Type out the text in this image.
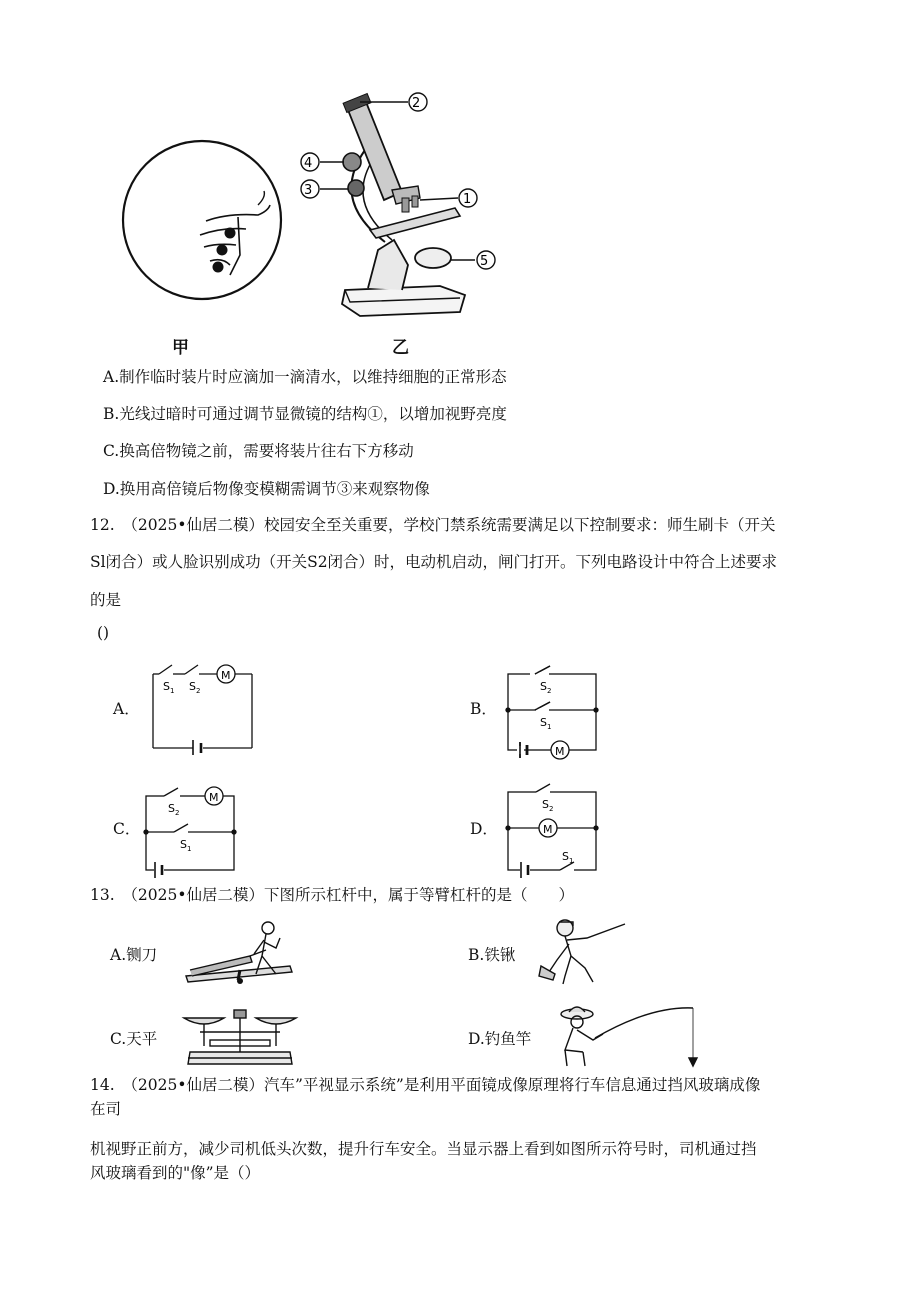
甲
2
4
3
1
5
乙
A.制作临时装片时应滴加一滴清水，以维持细胞的正常形态
B.光线过暗时可通过调节显微镜的结构①，以增加视野亮度
C.换高倍物镜之前，需要将装片往右下方移动
D.换用高倍镜后物像变模糊需调节③来观察物像
12.　（2025•仙居二模）校园安全至关重要，学校门禁系统需要满足以下控制要求：师生刷卡（开关
Sl闭合）或人脸识别成功（开关S2闭合）时，电动机启动，闸门打开。下列电路设计中符合上述要求
的是
()
A．	B．
C．	D．
M
S 1 S 2
M
S 2
S 1
M
S 2
S 1
M
S 2
S 1
13.　（2025•仙居二模）下图所示杠杆中，属于等臂杠杆的是（　　）
A.铡刀	B.铁锹
C.天平	D.钓鱼竿
14.　（2025•仙居二模）汽车”平视显示系统”是利用平面镜成像原理将行车信息通过挡风玻璃成像
在司
机视野正前方，减少司机低头次数，提升行车安全。当显示器上看到如图所示符号时，司机通过挡
风玻璃看到的"像”是（）
